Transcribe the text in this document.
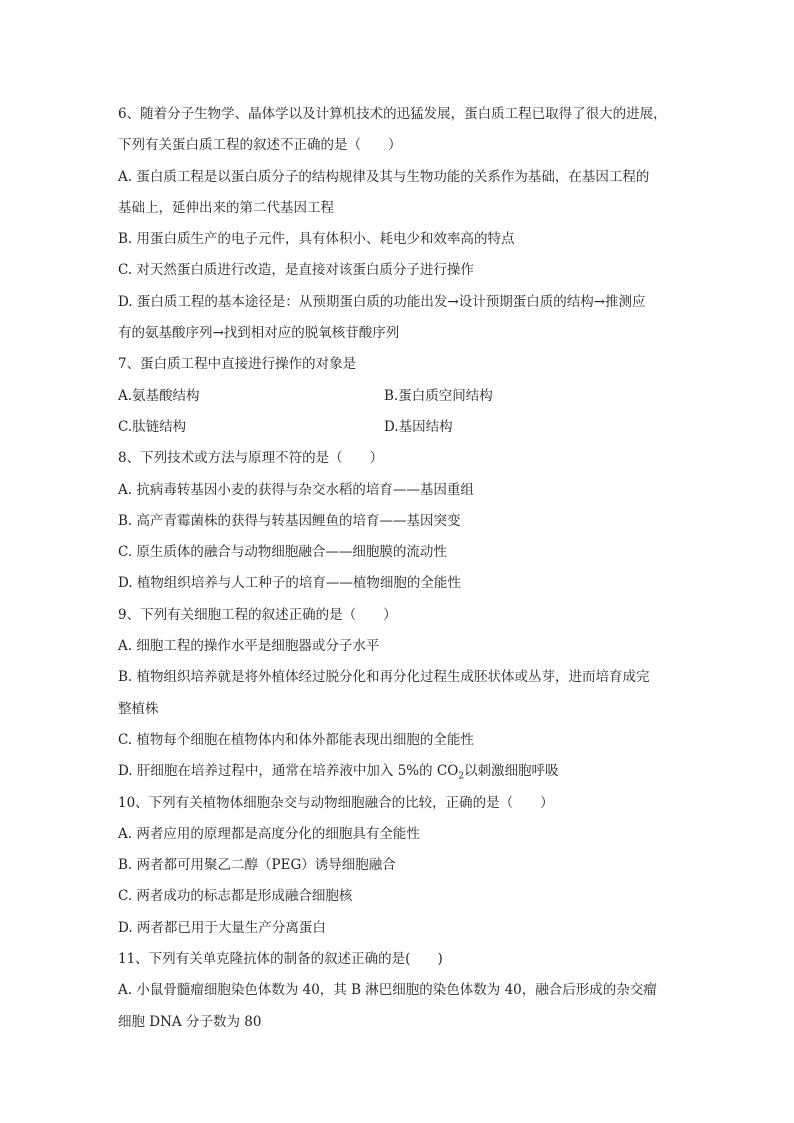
6、随着分子生物学、晶体学以及计算机技术的迅猛发展，蛋白质工程已取得了很大的进展，
下列有关蛋白质工程的叙述不正确的是（　　）
A. 蛋白质工程是以蛋白质分子的结构规律及其与生物功能的关系作为基础，在基因工程的
基础上，延伸出来的第二代基因工程
B. 用蛋白质生产的电子元件，具有体积小、耗电少和效率高的特点
C. 对天然蛋白质进行改造，是直接对该蛋白质分子进行操作
D. 蛋白质工程的基本途径是：从预期蛋白质的功能出发→设计预期蛋白质的结构→推测应
有的氨基酸序列→找到相对应的脱氧核苷酸序列
7、蛋白质工程中直接进行操作的对象是
A.氨基酸结构	B.蛋白质空间结构
C.肽链结构	D.基因结构
8、下列技术或方法与原理不符的是（　　）
A. 抗病毒转基因小麦的获得与杂交水稻的培育——基因重组
B. 高产青霉菌株的获得与转基因鲤鱼的培育——基因突变
C. 原生质体的融合与动物细胞融合——细胞膜的流动性
D. 植物组织培养与人工种子的培育——植物细胞的全能性
9、下列有关细胞工程的叙述正确的是（　　）
A. 细胞工程的操作水平是细胞器或分子水平
B. 植物组织培养就是将外植体经过脱分化和再分化过程生成胚状体或丛芽，进而培育成完
整植株
C. 植物每个细胞在植物体内和体外都能表现出细胞的全能性
D. 肝细胞在培养过程中，通常在培养液中加入 5%的 $CO_2$以刺激细胞呼吸
10、下列有关植物体细胞杂交与动物细胞融合的比较，正确的是（　　）
A. 两者应用的原理都是高度分化的细胞具有全能性
B. 两者都可用聚乙二醇（PEG）诱导细胞融合
C. 两者成功的标志都是形成融合细胞核
D. 两者都已用于大量生产分离蛋白
11、下列有关单克隆抗体的制备的叙述正确的是(　　)
A. 小鼠骨髓瘤细胞染色体数为 40，其 B 淋巴细胞的染色体数为 40，融合后形成的杂交瘤
细胞 DNA 分子数为 80
